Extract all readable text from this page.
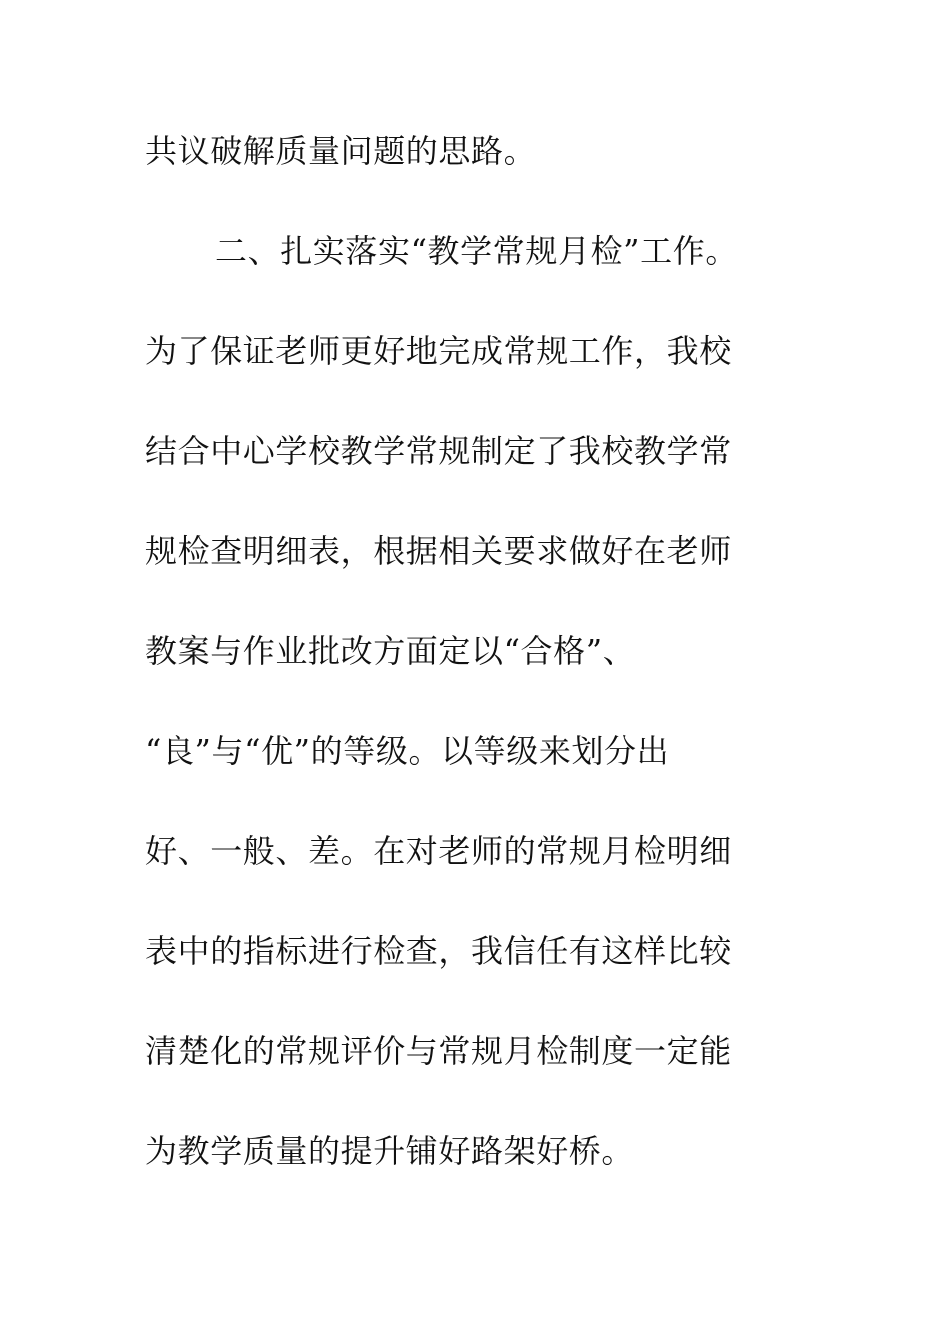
共议破解质量问题的思路。
二、扎实落实“教学常规月检”工作。
为了保证老师更好地完成常规工作，我校
结合中心学校教学常规制定了我校教学常
规检查明细表，根据相关要求做好在老师
教案与作业批改方面定以“合格”、
“良”与“优”的等级。以等级来划分出
好、一般、差。在对老师的常规月检明细
表中的指标进行检查，我信任有这样比较
清楚化的常规评价与常规月检制度一定能
为教学质量的提升铺好路架好桥。
